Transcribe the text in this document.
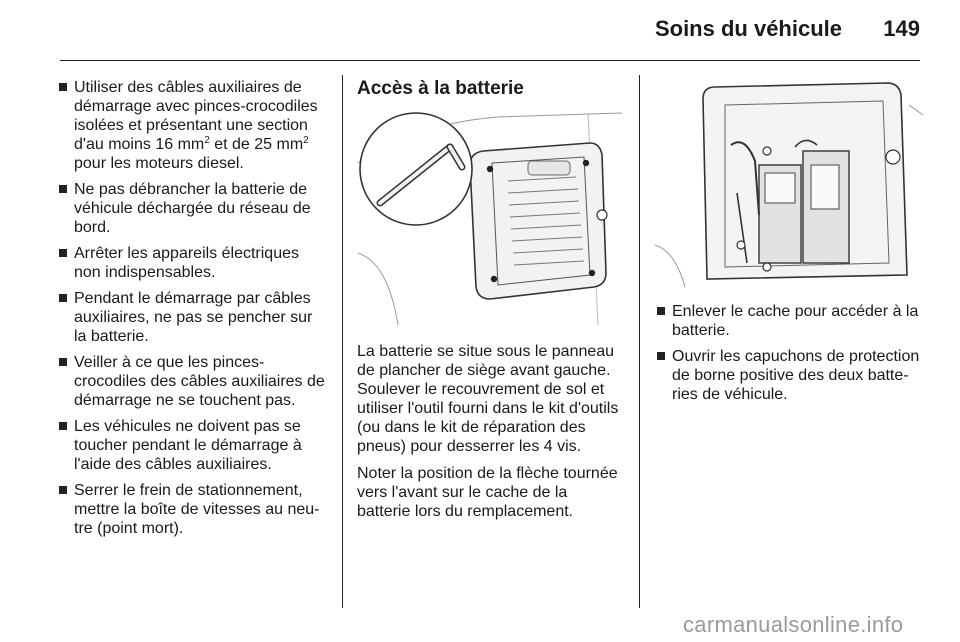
Soins du véhicule 149
Utiliser des câbles auxiliaires de démarrage avec pinces-crocodiles isolées et présentant une section d'au moins 16 $mm^2$ et de 25 $mm^2$ pour les moteurs diesel.
Ne pas débrancher la batterie de véhicule déchargée du réseau de bord.
Arrêter les appareils électriques non indispensables.
Pendant le démarrage par câbles auxiliaires, ne pas se pencher sur la batterie.
Veiller à ce que les pinces-crocodiles des câbles auxiliaires de démarrage ne se touchent pas.
Les véhicules ne doivent pas se toucher pendant le démarrage à l'aide des câbles auxiliaires.
Serrer le frein de stationnement, mettre la boîte de vitesses au neu-tre (point mort).
Accès à la batterie

La batterie se situe sous le panneau de plancher de siège avant gauche. Soulever le recouvrement de sol et utiliser l'outil fourni dans le kit d'outils (ou dans le kit de réparation des pneus) pour desserrer les 4 vis.

Noter la position de la flèche tournée vers l'avant sur le cache de la batterie lors du remplacement.

Enlever le cache pour accéder à la batterie.
Ouvrir les capuchons de protection de borne positive des deux batte-ries de véhicule.
carmanualsonline.info
